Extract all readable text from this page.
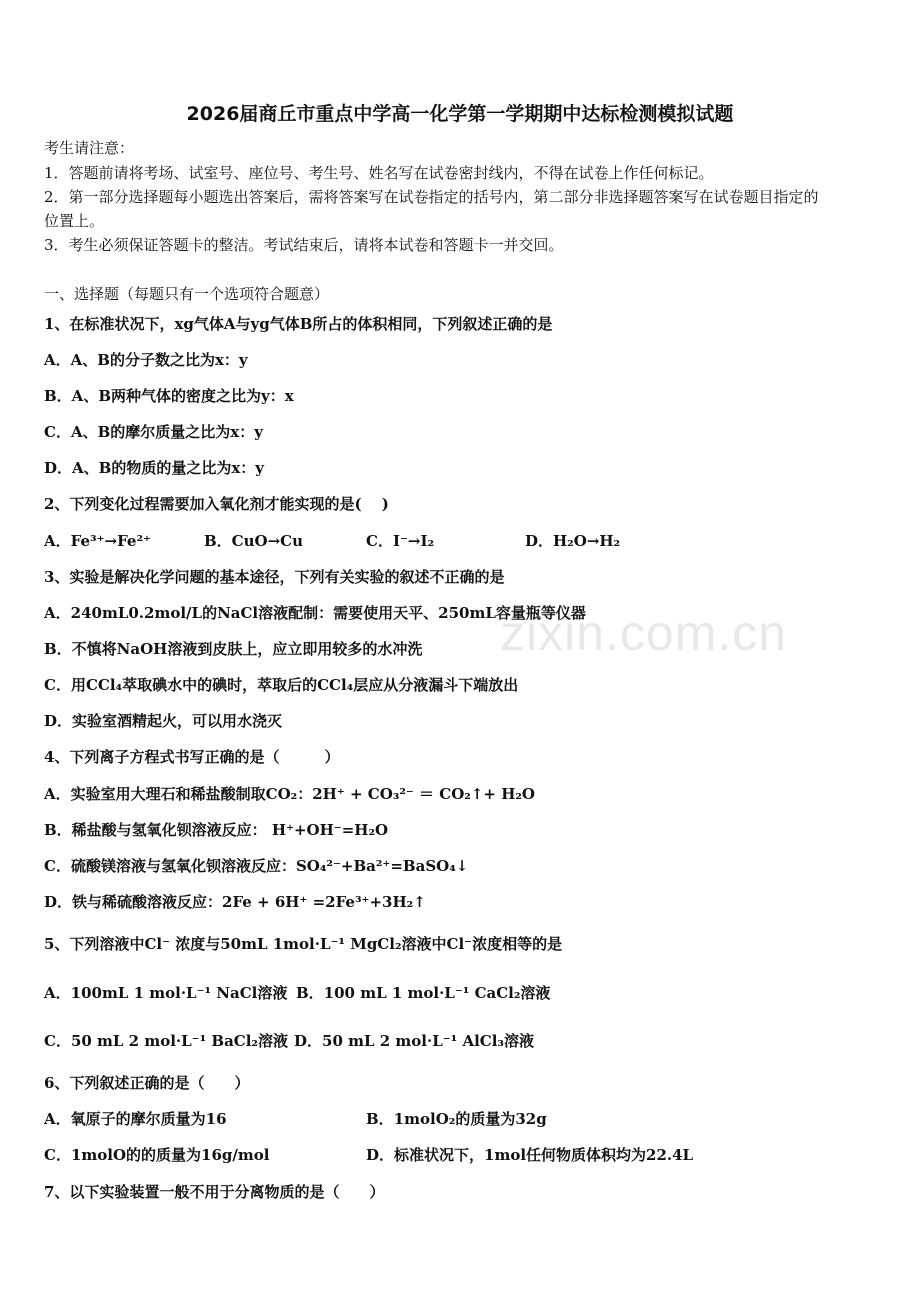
zixin.com.cn
2026届商丘市重点中学高一化学第一学期期中达标检测模拟试题
考生请注意：
1．答题前请将考场、试室号、座位号、考生号、姓名写在试卷密封线内，不得在试卷上作任何标记。
2．第一部分选择题每小题选出答案后，需将答案写在试卷指定的括号内，第二部分非选择题答案写在试卷题目指定的
位置上。
3．考生必须保证答题卡的整洁。考试结束后，请将本试卷和答题卡一并交回。
一、选择题（每题只有一个选项符合题意）
1、在标准状况下，xg气体A与yg气体B所占的体积相同，下列叙述正确的是
A．A、B的分子数之比为x：y
B．A、B两种气体的密度之比为y：x
C．A、B的摩尔质量之比为x：y
D．A、B的物质的量之比为x：y
2、下列变化过程需要加入氧化剂才能实现的是(　 )
A．Fe³⁺→Fe²⁺	B．CuO→Cu	C．I⁻→I₂	D．H₂O→H₂
3、实验是解决化学问题的基本途径，下列有关实验的叙述不正确的是
A．240mL0.2mol/L的NaCl溶液配制：需要使用天平、250mL容量瓶等仪器
B．不慎将NaOH溶液到皮肤上，应立即用较多的水冲洗
C．用CCl₄萃取碘水中的碘时，萃取后的CCl₄层应从分液漏斗下端放出
D．实验室酒精起火，可以用水浇灭
4、下列离子方程式书写正确的是（　　　）
A．实验室用大理石和稀盐酸制取CO₂：2H⁺ + CO₃²⁻ ＝ CO₂↑+ H₂O
B．稀盐酸与氢氧化钡溶液反应： H⁺+OH⁻=H₂O
C．硫酸镁溶液与氢氧化钡溶液反应：SO₄²⁻+Ba²⁺=BaSO₄↓
D．铁与稀硫酸溶液反应：2Fe + 6H⁺ =2Fe³⁺+3H₂↑
5、下列溶液中Cl⁻ 浓度与50mL 1mol·L⁻¹ MgCl₂溶液中Cl⁻浓度相等的是
A．100mL 1 mol·L⁻¹ NaCl溶液 B．100 mL 1 mol·L⁻¹ CaCl₂溶液
C．50 mL 2 mol·L⁻¹ BaCl₂溶液 D．50 mL 2 mol·L⁻¹ AlCl₃溶液
6、下列叙述正确的是（　　）
A．氧原子的摩尔质量为16	B．1molO₂的质量为32g
C．1molO的的质量为16g/mol	D．标准状况下，1mol任何物质体积均为22.4L
7、以下实验装置一般不用于分离物质的是（　　）
